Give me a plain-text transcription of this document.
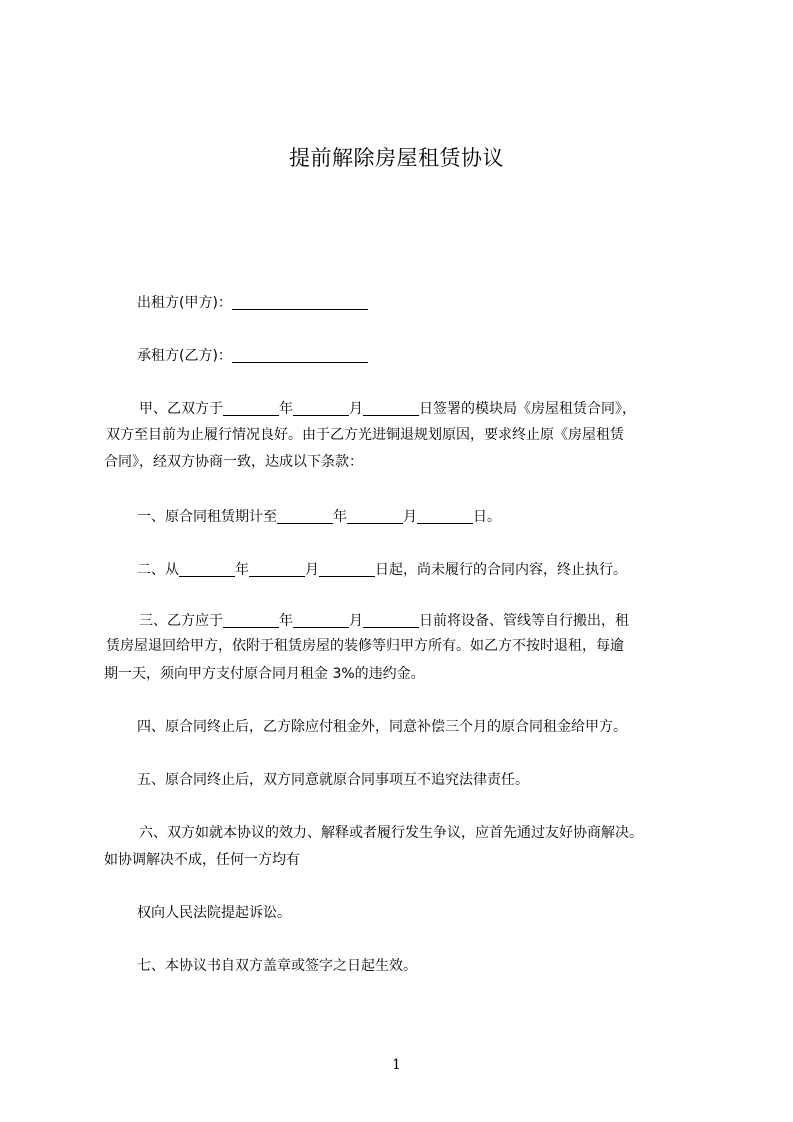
提前解除房屋租赁协议
出租方(甲方)：
承租方(乙方)：
甲、乙双方于	年	月	日签署的模块局《房屋租赁合同》，
双方至目前为止履行情况良好。由于乙方光进铜退规划原因，要求终止原《房屋租赁
合同》，经双方协商一致，达成以下条款：
一、原合同租赁期计至	年	月	日。
二、从	年	月	日起，尚未履行的合同内容，终止执行。
三、乙方应于	年	月	日前将设备、管线等自行搬出，租
赁房屋退回给甲方，依附于租赁房屋的装修等归甲方所有。如乙方不按时退租，每逾
期一天，须向甲方支付原合同月租金 3%的违约金。
四、原合同终止后，乙方除应付租金外，同意补偿三个月的原合同租金给甲方。
五、原合同终止后，双方同意就原合同事项互不追究法律责任。
六、双方如就本协议的效力、解释或者履行发生争议，应首先通过友好协商解决。
如协调解决不成，任何一方均有
权向人民法院提起诉讼。
七、本协议书自双方盖章或签字之日起生效。
1
